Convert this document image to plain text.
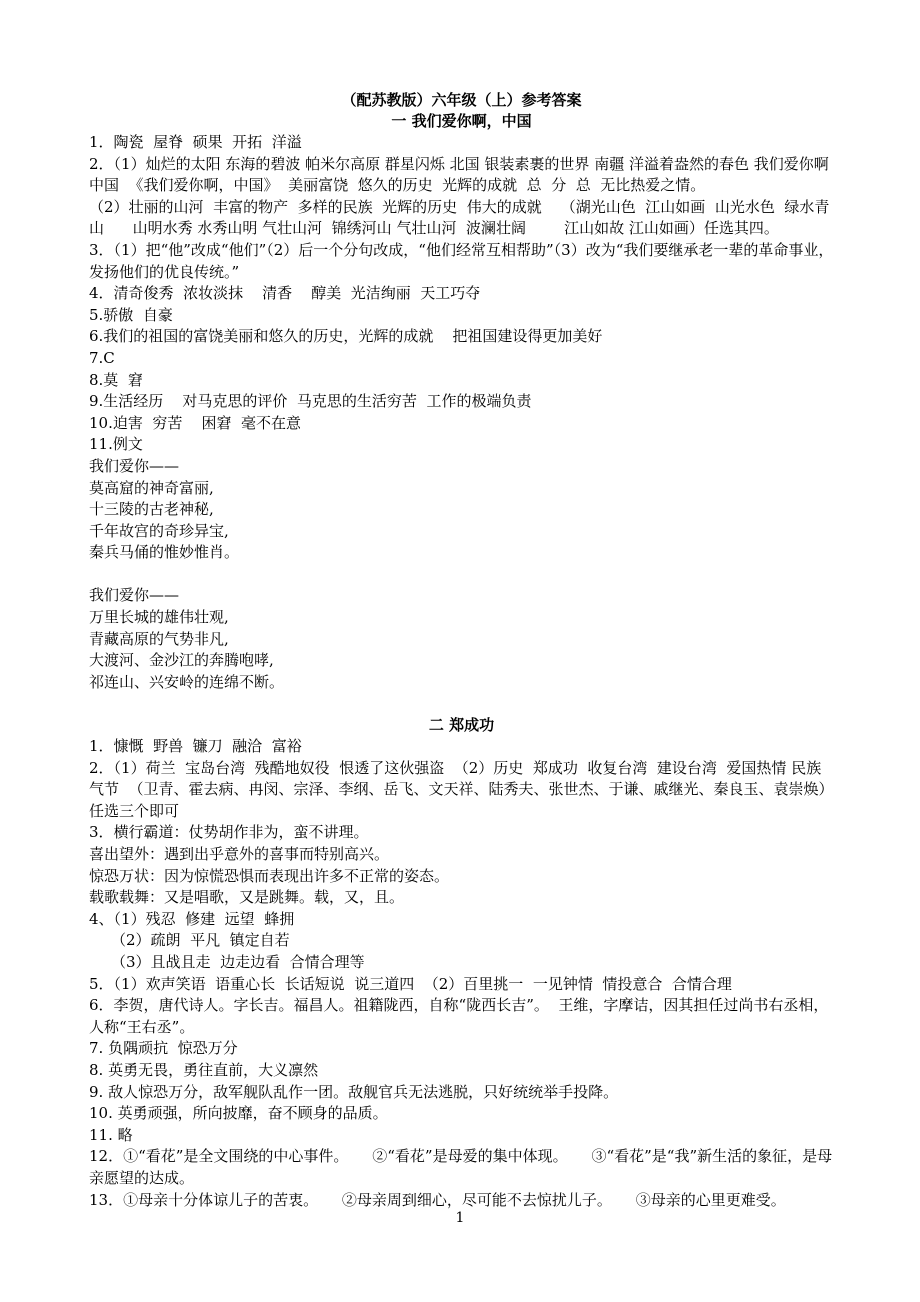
（配苏教版）六年级（上）参考答案

一 我们爱你啊，中国

1．陶瓷  屋脊  硕果  开拓  洋溢

2．（1）灿烂的太阳 东海的碧波 帕米尔高原 群星闪烁 北国 银装素裹的世界 南疆 洋溢着盎然的春色 我们爱你啊  中国  《我们爱你啊，中国》  美丽富饶  悠久的历史  光辉的成就  总  分  总  无比热爱之情。

（2）壮丽的山河  丰富的物产  多样的民族  光辉的历史  伟大的成就    （湖光山色  江山如画  山光水色  绿水青山      山明水秀 水秀山明 气壮山河  锦绣河山 气壮山河  波澜壮阔        江山如故 江山如画）任选其四。

3．（1）把“他”改成“他们”（2）后一个分句改成，“他们经常互相帮助”（3）改为“我们要继承老一辈的革命事业，发扬他们的优良传统。”

4．清奇俊秀  浓妆淡抹    清香    醇美  光洁绚丽  天工巧夺

5.骄傲  自豪

6.我们的祖国的富饶美丽和悠久的历史，光辉的成就    把祖国建设得更加美好

7.C

8.莫  窘

9.生活经历    对马克思的评价  马克思的生活穷苦  工作的极端负责

10.迫害  穷苦    困窘  毫不在意

11.例文

我们爱你——

莫高窟的神奇富丽,

十三陵的古老神秘,

千年故宫的奇珍异宝,

秦兵马俑的惟妙惟肖。

我们爱你——

万里长城的雄伟壮观,

青藏高原的气势非凡,

大渡河、金沙江的奔腾咆哮,

祁连山、兴安岭的连绵不断。

二 郑成功

1．慷慨  野兽  镰刀  融洽  富裕

2．（1）荷兰  宝岛台湾  残酷地奴役  恨透了这伙强盗  （2）历史  郑成功  收复台湾  建设台湾  爱国热情 民族气节  （卫青、霍去病、冉闵、宗泽、李纲、岳飞、文天祥、陆秀夫、张世杰、于谦、戚继光、秦良玉、袁崇焕）任选三个即可

3．横行霸道：仗势胡作非为，蛮不讲理。

喜出望外：遇到出乎意外的喜事而特别高兴。

惊恐万状：因为惊慌恐惧而表现出许多不正常的姿态。

载歌载舞：又是唱歌，又是跳舞。载，又，且。

4、（1）残忍  修建  远望  蜂拥

（2）疏朗  平凡  镇定自若

（3）且战且走  边走边看  合情合理等

5．（1）欢声笑语  语重心长  长话短说  说三道四  （2）百里挑一  一见钟情  情投意合  合情合理

6．李贺，唐代诗人。字长吉。福昌人。祖籍陇西，自称“陇西长吉”。  王维，字摩诘，因其担任过尚书右丞相，人称“王右丞”。

7. 负隅顽抗  惊恐万分

8. 英勇无畏，勇往直前，大义凛然

9. 敌人惊恐万分，敌军舰队乱作一团。敌舰官兵无法逃脱，只好统统举手投降。

10. 英勇顽强，所向披靡，奋不顾身的品质。

11. 略

12．①“看花”是全文围绕的中心事件。     ②“看花”是母爱的集中体现。     ③“看花”是“我”新生活的象征，是母亲愿望的达成。

13．①母亲十分体谅儿子的苦衷。     ②母亲周到细心，尽可能不去惊扰儿子。     ③母亲的心里更难受。

1
